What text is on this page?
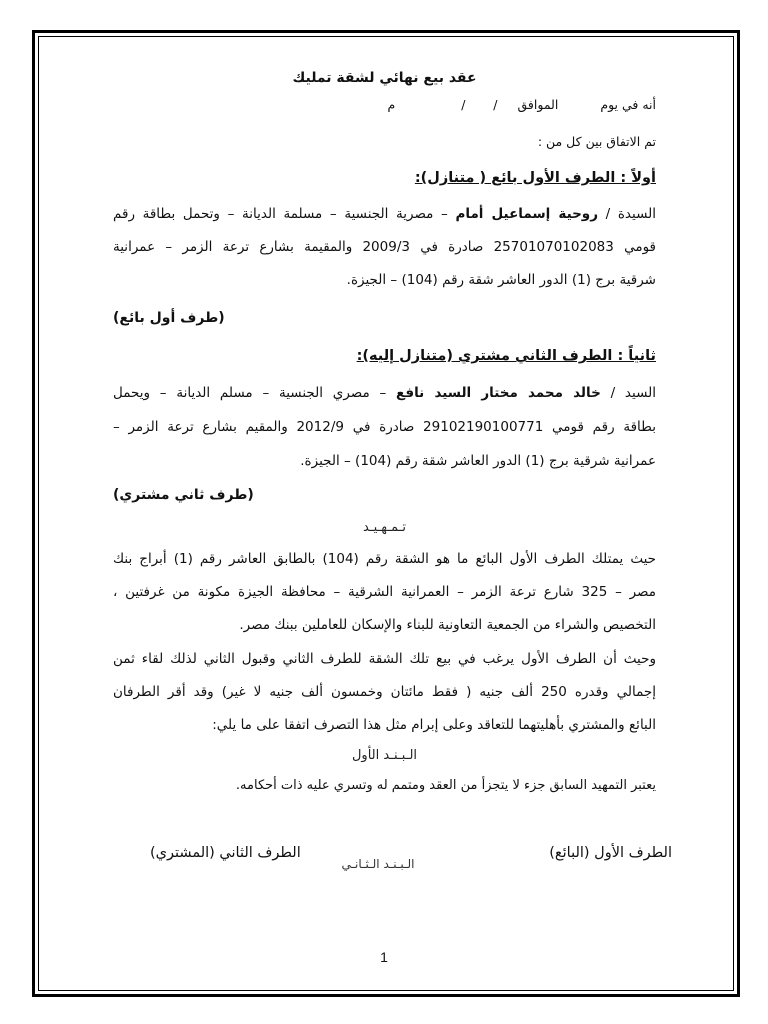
عقد بيع نهائي لشقة تمليك
أنه في يوم
الموافق
/       /
م
تم الاتفاق بين كل من :
أولاً : الطرف الأول بائع ( متنازل):
السيدة / روحية إسماعيل أمام – مصرية الجنسية – مسلمة الديانة – وتحمل بطاقة رقم
قومي 25701070102083 صادرة في 2009/3 والمقيمة بشارع ترعة الزمر – عمرانية
شرقية برج (1) الدور العاشر شقة رقم (104) – الجيزة.
(طرف أول بائع)
ثانياً : الطرف الثاني مشتري (متنازل إليه):
السيد / خالد محمد مختار السيد نافع – مصري الجنسية – مسلم الديانة – ويحمل
بطاقة رقم قومي 29102190100771 صادرة في 2012/9 والمقيم بشارع ترعة الزمر –
عمرانية شرقية برج (1) الدور العاشر شقة رقم (104) – الجيزة.
(طرف ثاني مشتري)
تـمـهـيـد
حيث يمتلك الطرف الأول البائع ما هو الشقة رقم (104) بالطابق العاشر رقم (1) أبراج بنك
مصر – 325 شارع ترعة الزمر – العمرانية الشرقية – محافظة الجيزة مكونة من غرفتين ،
التخصيص والشراء من الجمعية التعاونية للبناء والإسكان للعاملين ببنك مصر.
وحيث أن الطرف الأول يرغب في بيع تلك الشقة للطرف الثاني وقبول الثاني لذلك لقاء ثمن
إجمالي وقدره 250 ألف جنيه ( فقط مائتان وخمسون ألف جنيه لا غير) وقد أقر الطرفان
البائع والمشتري بأهليتهما للتعاقد وعلى إبرام مثل هذا التصرف اتفقا على ما يلي:
الـبـنـد الأول
يعتبر التمهيد السابق جزء لا يتجزأ من العقد ومتمم له وتسري عليه ذات أحكامه.
الطرف الأول (البائع)
الطرف الثاني (المشتري)
الـبـنـد الـثـانـي
1
